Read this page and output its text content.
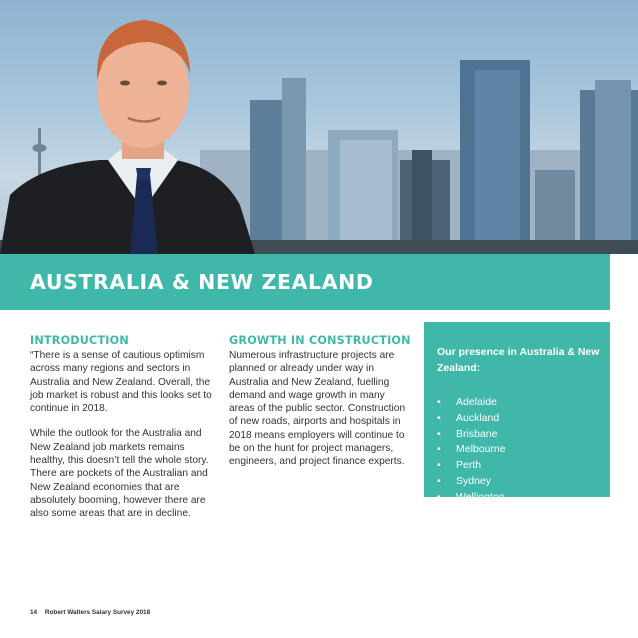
AUSTRALIA & NEW ZEALAND
INTRODUCTION

“There is a sense of cautious optimism across many regions and sectors in Australia and New Zealand. Overall, the job market is robust and this looks set to continue in 2018.

While the outlook for the Australia and New Zealand job markets remains healthy, this doesn’t tell the whole story. There are pockets of the Australian and New Zealand economies that are absolutely booming, however there are also some areas that are in decline.

GROWTH IN CONSTRUCTION

Numerous infrastructure projects are planned or already under way in Australia and New Zealand, fuelling demand and wage growth in many areas of the public sector. Construction of new roads, airports and hospitals in 2018 means employers will continue to be on the hunt for project managers, engineers, and project finance experts.

Our presence in Australia & New Zealand:
• Adelaide
• Auckland
• Brisbane
• Melbourne
• Perth
• Sydney
• Wellington
14 Robert Walters Salary Survey 2018
